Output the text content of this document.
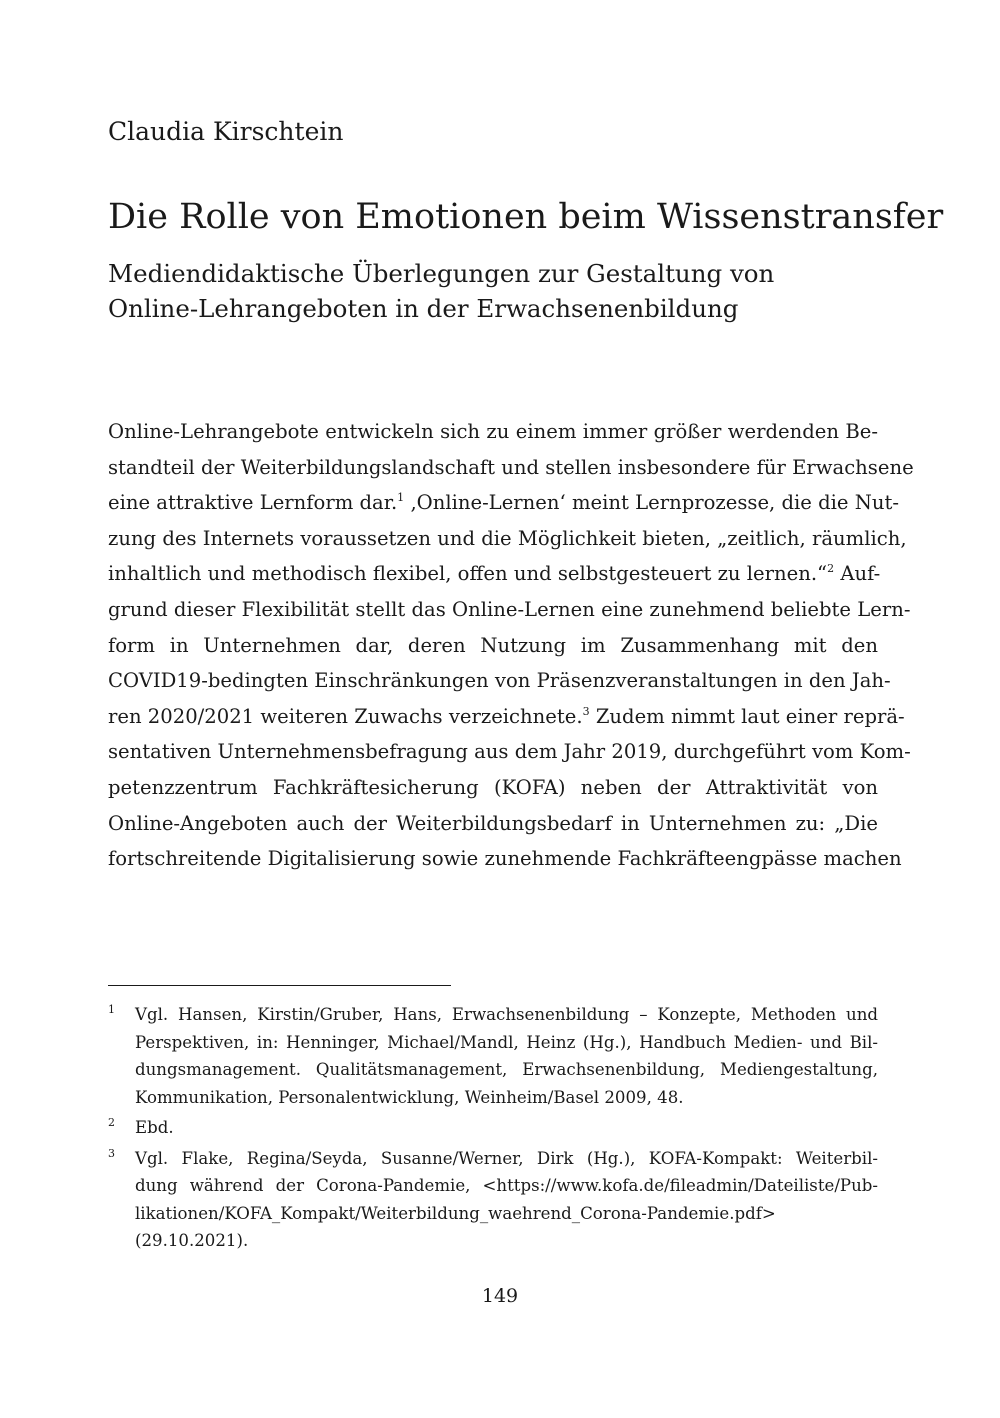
Claudia Kirschtein
Die Rolle von Emotionen beim Wissenstransfer
Mediendidaktische Überlegungen zur Gestaltung von
Online-Lehrangeboten in der Erwachsenenbildung
Online-Lehrangebote entwickeln sich zu einem immer größer werdenden Be-
standteil der Weiterbildungslandschaft und stellen insbesondere für Erwachsene
eine attraktive Lernform dar.$^1$ ‚Online-Lernen‘ meint Lernprozesse, die die Nut-
zung des Internets voraussetzen und die Möglichkeit bieten, „zeitlich, räumlich,
inhaltlich und methodisch flexibel, offen und selbstgesteuert zu lernen.“$^2$ Auf-
grund dieser Flexibilität stellt das Online-Lernen eine zunehmend beliebte Lern-
form in Unternehmen dar, deren Nutzung im Zusammenhang mit den
COVID19-bedingten Einschränkungen von Präsenzveranstaltungen in den Jah-
ren 2020/2021 weiteren Zuwachs verzeichnete.$^3$ Zudem nimmt laut einer reprä-
sentativen Unternehmensbefragung aus dem Jahr 2019, durchgeführt vom Kom-
petenzzentrum Fachkräftesicherung (KOFA) neben der Attraktivität von
Online-Angeboten auch der Weiterbildungsbedarf in Unternehmen zu: „Die
fortschreitende Digitalisierung sowie zunehmende Fachkräfteengpässe machen
1 Vgl. Hansen, Kirstin/Gruber, Hans, Erwachsenenbildung – Konzepte, Methoden und
Perspektiven, in: Henninger, Michael/Mandl, Heinz (Hg.), Handbuch Medien- und Bil-
dungsmanagement. Qualitätsmanagement, Erwachsenenbildung, Mediengestaltung,
Kommunikation, Personalentwicklung, Weinheim/Basel 2009, 48.
2 Ebd.
3 Vgl. Flake, Regina/Seyda, Susanne/Werner, Dirk (Hg.), KOFA-Kompakt: Weiterbil-
dung während der Corona-Pandemie, <https://www.kofa.de/fileadmin/Dateiliste/Pub-
likationen/KOFA_Kompakt/Weiterbildung_waehrend_Corona-Pandemie.pdf>
(29.10.2021).
149
